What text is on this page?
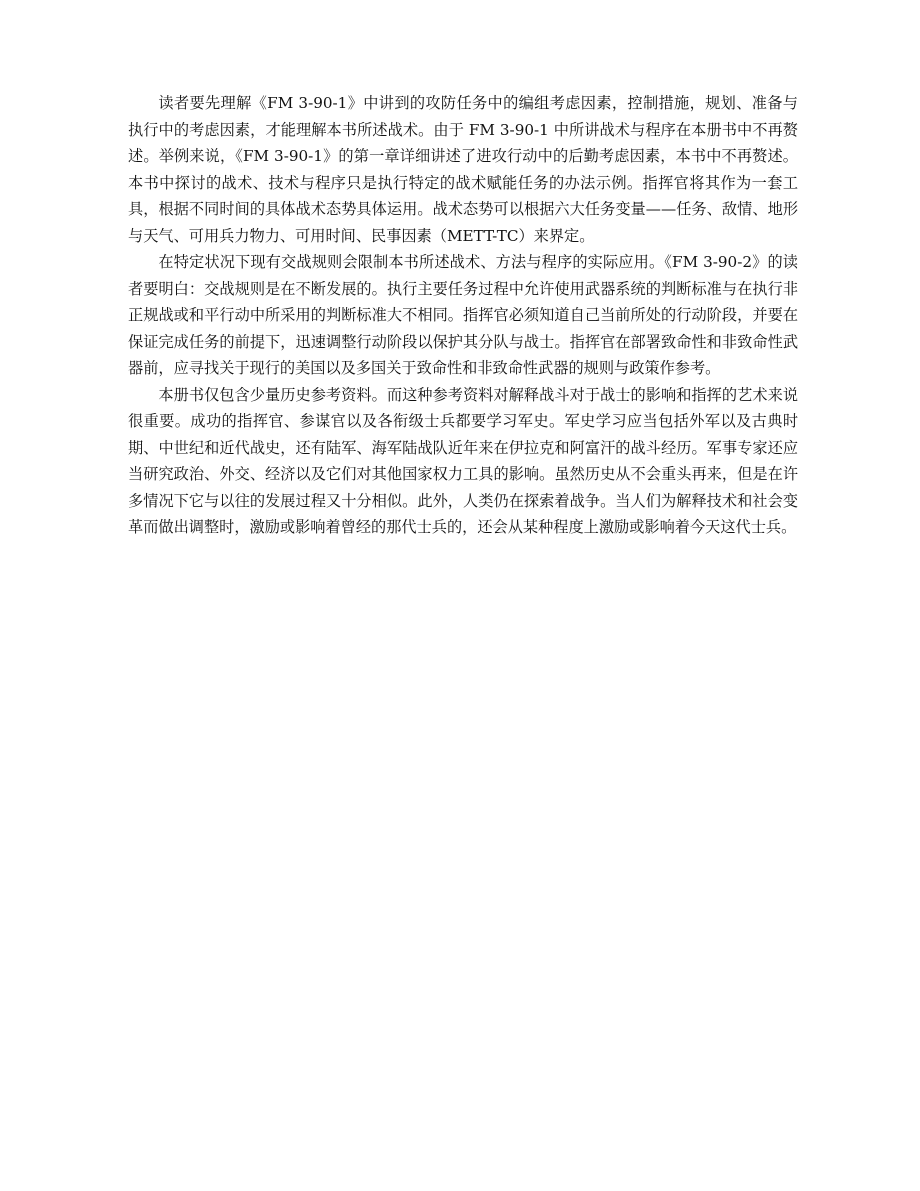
读者要先理解《FM 3-90-1》中讲到的攻防任务中的编组考虑因素，控制措施，规划、准备与执行中的考虑因素，才能理解本书所述战术。由于 FM 3-90-1 中所讲战术与程序在本册书中不再赘述。举例来说，《FM 3-90-1》的第一章详细讲述了进攻行动中的后勤考虑因素，本书中不再赘述。本书中探讨的战术、技术与程序只是执行特定的战术赋能任务的办法示例。指挥官将其作为一套工具，根据不同时间的具体战术态势具体运用。战术态势可以根据六大任务变量——任务、敌情、地形与天气、可用兵力物力、可用时间、民事因素（METT-TC）来界定。

在特定状况下现有交战规则会限制本书所述战术、方法与程序的实际应用。《FM 3-90-2》的读者要明白：交战规则是在不断发展的。执行主要任务过程中允许使用武器系统的判断标准与在执行非正规战或和平行动中所采用的判断标准大不相同。指挥官必须知道自己当前所处的行动阶段，并要在保证完成任务的前提下，迅速调整行动阶段以保护其分队与战士。指挥官在部署致命性和非致命性武器前，应寻找关于现行的美国以及多国关于致命性和非致命性武器的规则与政策作参考。

本册书仅包含少量历史参考资料。而这种参考资料对解释战斗对于战士的影响和指挥的艺术来说很重要。成功的指挥官、参谋官以及各衔级士兵都要学习军史。军史学习应当包括外军以及古典时期、中世纪和近代战史，还有陆军、海军陆战队近年来在伊拉克和阿富汗的战斗经历。军事专家还应当研究政治、外交、经济以及它们对其他国家权力工具的影响。虽然历史从不会重头再来，但是在许多情况下它与以往的发展过程又十分相似。此外，人类仍在探索着战争。当人们为解释技术和社会变革而做出调整时，激励或影响着曾经的那代士兵的，还会从某种程度上激励或影响着今天这代士兵。
